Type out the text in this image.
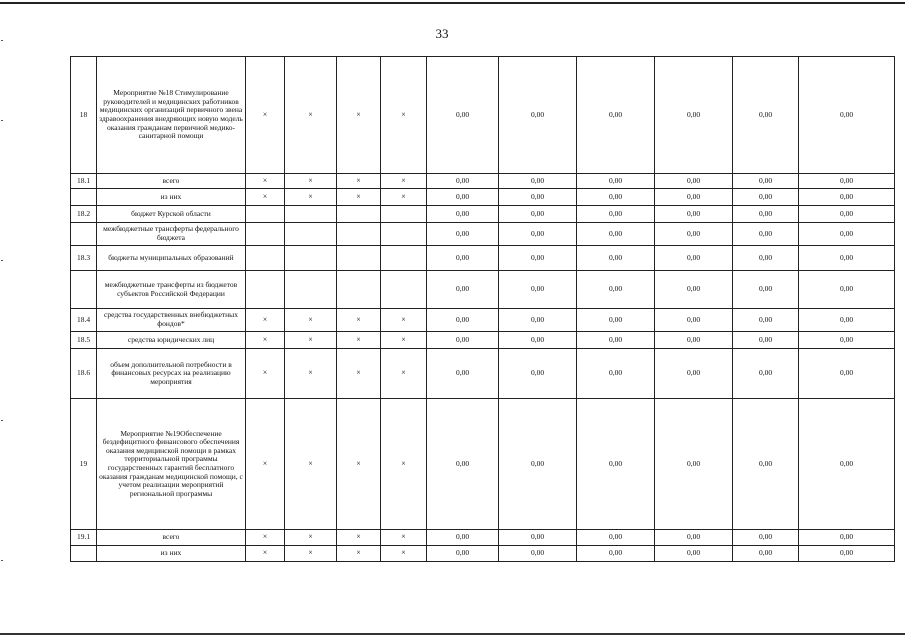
33
18	Мероприятие №18 Стимулирование руководителей и медицинских работников медицинских организаций первичного звена здравоохранения внедряющих новую модель оказания гражданам первичной медико-санитарной помощи	×	×	×	×	0,00	0,00	0,00	0,00	0,00	0,00
18.1	всего	×	×	×	×	0,00	0,00	0,00	0,00	0,00	0,00
	из них	×	×	×	×	0,00	0,00	0,00	0,00	0,00	0,00
18.2	бюджет Курской области					0,00	0,00	0,00	0,00	0,00	0,00
	межбюджетные трансферты федерального бюджета					0,00	0,00	0,00	0,00	0,00	0,00
18.3	бюджеты муниципальных образований					0,00	0,00	0,00	0,00	0,00	0,00
	межбюджетные трансферты из бюджетов субъектов Российской Федерации					0,00	0,00	0,00	0,00	0,00	0,00
18.4	средства государственных внебюджетных фондов*	×	×	×	×	0,00	0,00	0,00	0,00	0,00	0,00
18.5	средства юридических лиц	×	×	×	×	0,00	0,00	0,00	0,00	0,00	0,00
18.6	объем дополнительной потребности в финансовых ресурсах на реализацию мероприятия	×	×	×	×	0,00	0,00	0,00	0,00	0,00	0,00
19	Мероприятие №19Обеспечение бездефицитного финансового обеспечения оказания медицинской помощи в рамках территориальной программы государственных гарантий бесплатного оказания гражданам медицинской помощи, с учетом реализации мероприятий региональной программы	×	×	×	×	0,00	0,00	0,00	0,00	0,00	0,00
19.1	всего	×	×	×	×	0,00	0,00	0,00	0,00	0,00	0,00
	из них	×	×	×	×	0,00	0,00	0,00	0,00	0,00	0,00
